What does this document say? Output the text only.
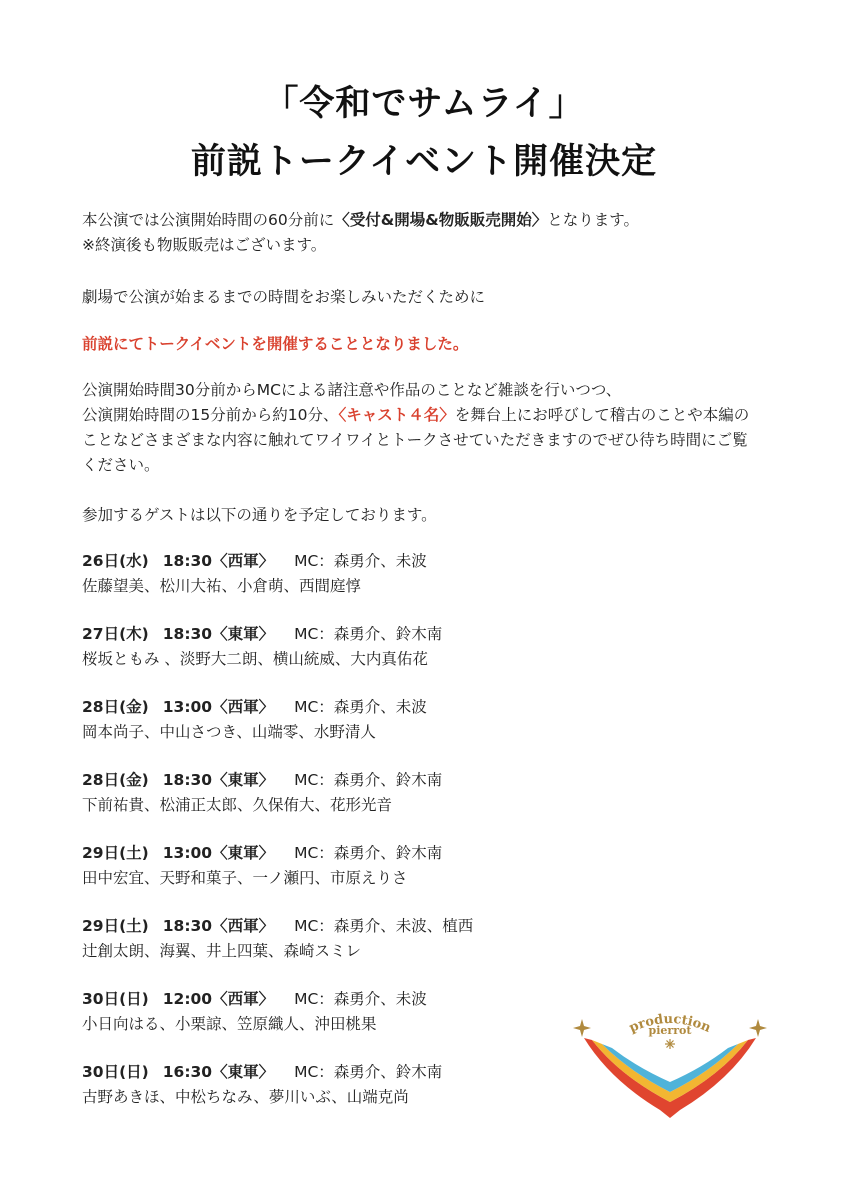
「令和でサムライ」
前説トークイベント開催決定
本公演では公演開始時間の60分前に〈受付&開場&物販販売開始〉となります。
※終演後も物販販売はございます。
劇場で公演が始まるまでの時間をお楽しみいただくために
前説にてトークイベントを開催することとなりました。
公演開始時間30分前からMCによる諸注意や作品のことなど雑談を行いつつ、
公演開始時間の15分前から約10分、〈キャスト４名〉を舞台上にお呼びして稽古のことや本編の
ことなどさまざまな内容に触れてワイワイとトークさせていただきますのでぜひ待ち時間にご覧
ください。
参加するゲストは以下の通りを予定しております。
26日(水) 18:30〈西軍〉 MC：森勇介、未波
佐藤望美、松川大祐、小倉萌、西間庭惇
27日(木) 18:30〈東軍〉 MC：森勇介、鈴木南
桜坂ともみ 、淡野大二朗、横山統威、大内真佑花
28日(金) 13:00〈西軍〉 MC：森勇介、未波
岡本尚子、中山さつき、山端零、水野清人
28日(金) 18:30〈東軍〉 MC：森勇介、鈴木南
下前祐貴、松浦正太郎、久保侑大、花形光音
29日(土) 13:00〈東軍〉 MC：森勇介、鈴木南
田中宏宜、天野和菓子、一ノ瀬円、市原えりさ
29日(土) 18:30〈西軍〉 MC：森勇介、未波、植西
辻創太朗、海翼、井上四葉、森崎スミレ
30日(日) 12:00〈西軍〉 MC：森勇介、未波
小日向はる、小栗諒、笠原織人、沖田桃果
30日(日) 16:30〈東軍〉 MC：森勇介、鈴木南
古野あきほ、中松ちなみ、夢川いぶ、山端克尚
production
pierrot
